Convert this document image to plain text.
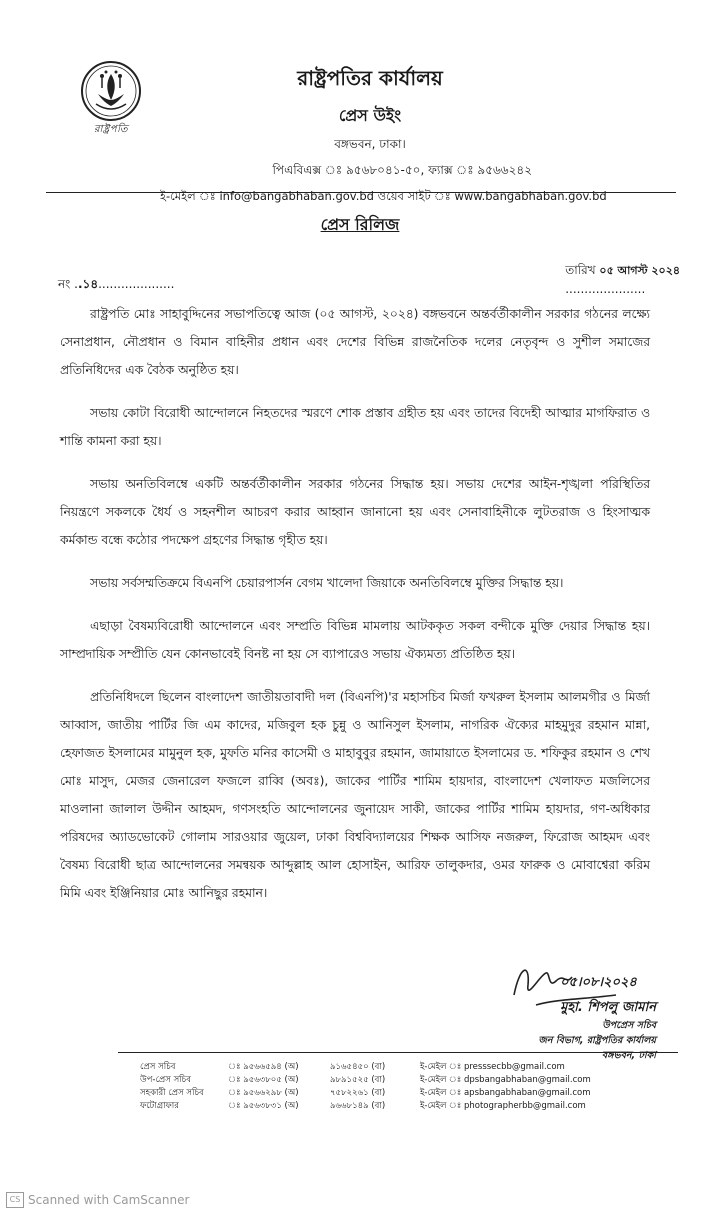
রাষ্ট্রপতি

রাষ্ট্রপতির কার্যালয়

প্রেস উইং

বঙ্গভবন, ঢাকা।

পিএবিএক্স ঃ ৯৫৬৮০৪১-৫০, ফ্যাক্স ঃ ৯৫৬৬২৪২

ই-মেইল ঃ info@bangabhaban.gov.bd ওয়েব সাইট ঃ www.bangabhaban.gov.bd

প্রেস রিলিজ
নং ..১৪....................
তারিখ ০৫ আগস্ট ২০২৪
.....................

রাষ্ট্রপতি মোঃ সাহাবুদ্দিনের সভাপতিত্বে আজ (০৫ আগস্ট, ২০২৪) বঙ্গভবনে অন্তর্বর্তীকালীন সরকার গঠনের লক্ষ্যে সেনাপ্রধান, নৌপ্রধান ও বিমান বাহিনীর প্রধান এবং দেশের বিভিন্ন রাজনৈতিক দলের নেতৃবৃন্দ ও সুশীল সমাজের প্রতিনিধিদের এক বৈঠক অনুষ্ঠিত হয়।

সভায় কোটা বিরোধী আন্দোলনে নিহতদের স্মরণে শোক প্রস্তাব গ্রহীত হয় এবং তাদের বিদেহী আত্মার মাগফিরাত ও শান্তি কামনা করা হয়।

সভায় অনতিবিলম্বে একটি অন্তর্বর্তীকালীন সরকার গঠনের সিদ্ধান্ত হয়। সভায় দেশের আইন-শৃঙ্খলা পরিস্থিতির নিয়ন্ত্রণে সকলকে ধৈর্য ও সহনশীল আচরণ করার আহ্বান জানানো হয় এবং সেনাবাহিনীকে লুটতরাজ ও হিংসাত্মক কর্মকান্ড বন্ধে কঠোর পদক্ষেপ গ্রহণের সিদ্ধান্ত গৃহীত হয়।

সভায় সর্বসম্মতিক্রমে বিএনপি চেয়ারপার্সন বেগম খালেদা জিয়াকে অনতিবিলম্বে মুক্তির সিদ্ধান্ত হয়।

এছাড়া বৈষম্যবিরোধী আন্দোলনে এবং সম্প্রতি বিভিন্ন মামলায় আটককৃত সকল বন্দীকে মুক্তি দেয়ার সিদ্ধান্ত হয়। সাম্প্রদায়িক সম্প্রীতি যেন কোনভাবেই বিনষ্ট না হয় সে ব্যাপারেও সভায় ঐক্যমত্য প্রতিষ্ঠিত হয়।

প্রতিনিধিদলে ছিলেন বাংলাদেশ জাতীয়তাবাদী দল (বিএনপি)'র মহাসচিব মির্জা ফখরুল ইসলাম আলমগীর ও মির্জা আব্বাস, জাতীয় পার্টির জি এম কাদের, মজিবুল হক চুন্নু ও আনিসুল ইসলাম, নাগরিক ঐক্যের মাহমুদুর রহমান মান্না, হেফাজত ইসলামের মামুনুল হক, মুফতি মনির কাসেমী ও মাহাবুবুর রহমান, জামায়াতে ইসলামের ড. শফিকুর রহমান ও শেখ মোঃ মাসুদ, মেজর জেনারেল ফজলে রাব্বি (অবঃ), জাকের পার্টির শামিম হায়দার, বাংলাদেশ খেলাফত মজলিসের মাওলানা জালাল উদ্দীন আহমদ, গণসংহতি আন্দোলনের জুনায়েদ সাকী, জাকের পার্টির শামিম হায়দার, গণ-অধিকার পরিষদের অ্যাডভোকেট গোলাম সারওয়ার জুয়েল, ঢাকা বিশ্ববিদ্যালয়ের শিক্ষক আসিফ নজরুল, ফিরোজ আহমদ এবং বৈষম্য বিরোধী ছাত্র আন্দোলনের সমন্বয়ক আব্দুল্লাহ আল হোসাইন, আরিফ তালুকদার, ওমর ফারুক ও মোবাশ্বেরা করিম মিমি এবং ইঞ্জিনিয়ার মোঃ আনিছুর রহমান।

০৫।০৮।২০২৪

মুহা. শিপলু জামান

উপপ্রেস সচিব

জন বিভাগ, রাষ্ট্রপতির কার্যালয়

বঙ্গভবন, ঢাকা

প্রেস সচিব	ঃ ৯৫৬৬৫৯৪ (অ)	৯১৬৫৪৫০ (বা)	ই-মেইল ঃ presssecbb@gmail.com
উপ-প্রেস সচিব	ঃ ৯৫৬৩৮০৫ (অ)	৯৮৯১৫২৫ (বা)	ই-মেইল ঃ dpsbangabhaban@gmail.com
সহকারী প্রেস সচিব	ঃ ৯৫৬৬২৯৮ (অ)	৭৫৮২২৬১ (বা)	ই-মেইল ঃ apsbangabhaban@gmail.com
ফটোগ্রাফার	ঃ ৯৫৬৩৮৩১ (অ)	৯৬৬৮১৪৯ (বা)	ই-মেইল ঃ photographerbb@gmail.com
CS Scanned with CamScanner
